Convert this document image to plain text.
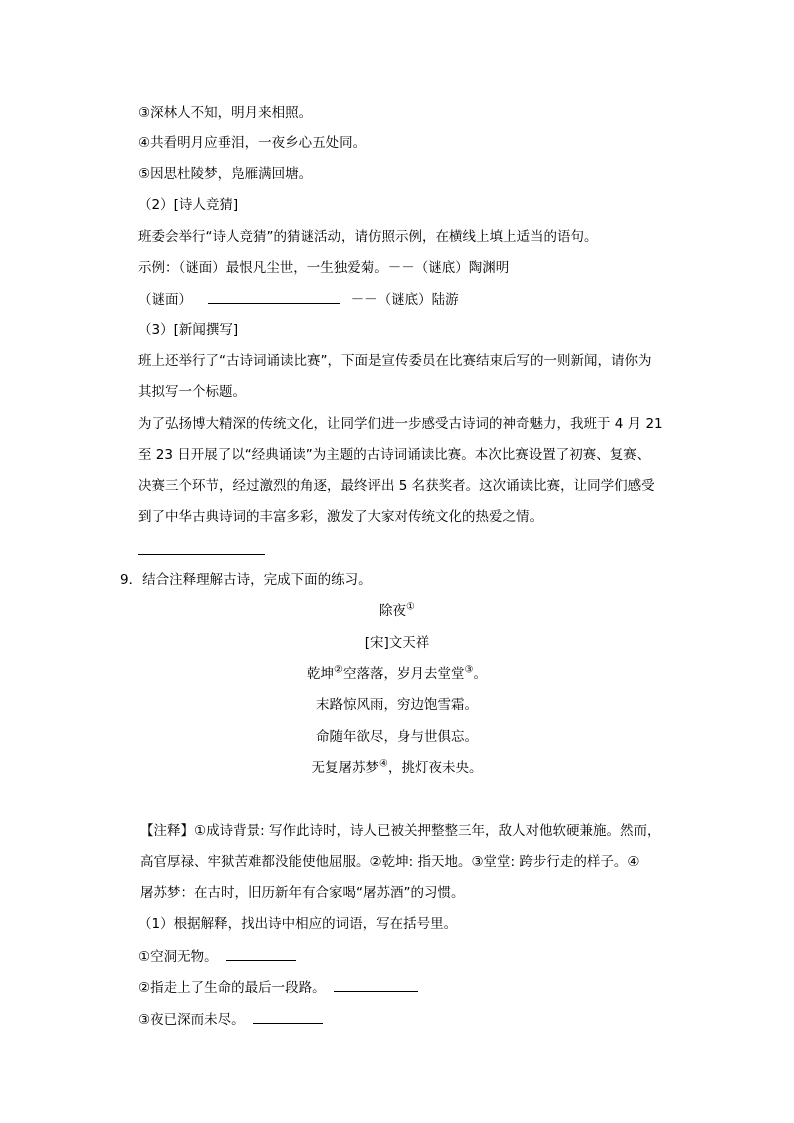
③深林人不知，明月来相照。
④共看明月应垂泪，一夜乡心五处同。
⑤因思杜陵梦，凫雁满回塘。
（2）[诗人竞猜]
班委会举行“诗人竞猜”的猜谜活动，请仿照示例，在横线上填上适当的语句。
示例：（谜面）最恨凡尘世，一生独爱菊。－－（谜底）陶渊明
（谜面）	－－（谜底）陆游
（3）[新闻撰写]
班上还举行了“古诗词诵读比赛”，下面是宣传委员在比赛结束后写的一则新闻，请你为
其拟写一个标题。
为了弘扬博大精深的传统文化，让同学们进一步感受古诗词的神奇魅力，我班于 4 月 21
至 23 日开展了以“经典诵读”为主题的古诗词诵读比赛。本次比赛设置了初赛、复赛、
决赛三个环节，经过激烈的角逐，最终评出 5 名获奖者。这次诵读比赛，让同学们感受
到了中华古典诗词的丰富多彩，激发了大家对传统文化的热爱之情。
9．结合注释理解古诗，完成下面的练习。
除夜①
[宋]文天祥
乾坤②空落落，岁月去堂堂③。
末路惊风雨，穷边饱雪霜。
命随年欲尽，身与世俱忘。
无复屠苏梦④，挑灯夜未央。
【注释】①成诗背景: 写作此诗时，诗人已被关押整整三年，敌人对他软硬兼施。然而，
高官厚禄、牢狱苦难都没能使他屈服。②乾坤: 指天地。③堂堂: 跨步行走的样子。④
屠苏梦：在古时，旧历新年有合家喝“屠苏酒”的习惯。
（1）根据解释，找出诗中相应的词语，写在括号里。
①空洞无物。
②指走上了生命的最后一段路。
③夜已深而未尽。
